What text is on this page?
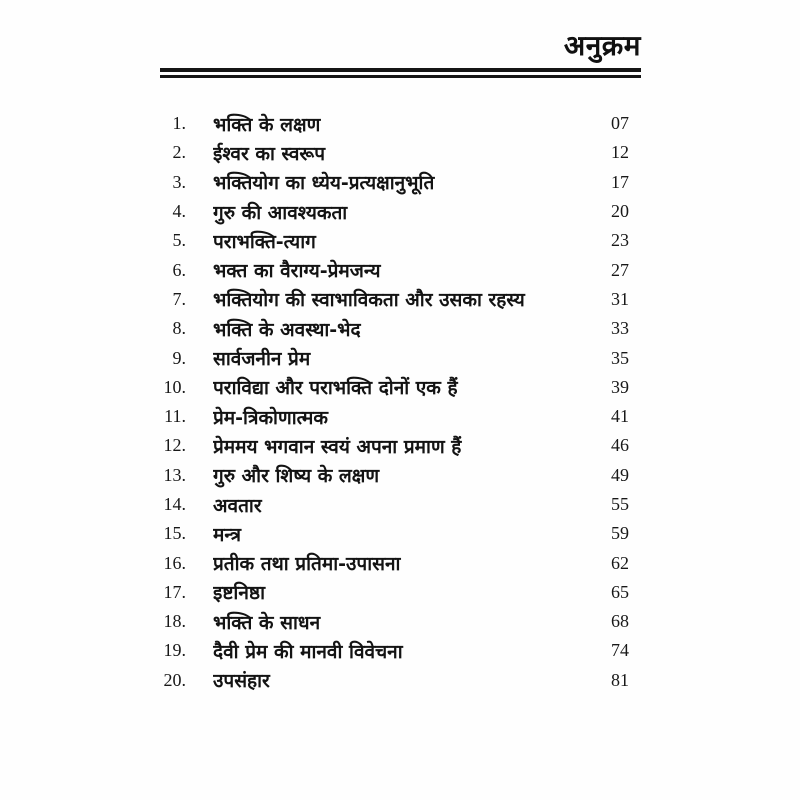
अनुक्रम
1. भक्ति के लक्षण	07
2. ईश्वर का स्वरूप	12
3. भक्तियोग का ध्येय-प्रत्यक्षानुभूति	17
4. गुरु की आवश्यकता	20
5. पराभक्ति-त्याग	23
6. भक्त का वैराग्य-प्रेमजन्य	27
7. भक्तियोग की स्वाभाविकता और उसका रहस्य	31
8. भक्ति के अवस्था-भेद	33
9. सार्वजनीन प्रेम	35
10. पराविद्या और पराभक्ति दोनों एक हैं	39
11. प्रेम-त्रिकोणात्मक	41
12. प्रेममय भगवान स्वयं अपना प्रमाण हैं	46
13. गुरु और शिष्य के लक्षण	49
14. अवतार	55
15. मन्त्र	59
16. प्रतीक तथा प्रतिमा-उपासना	62
17. इष्टनिष्ठा	65
18. भक्ति के साधन	68
19. दैवी प्रेम की मानवी विवेचना	74
20. उपसंहार	81
